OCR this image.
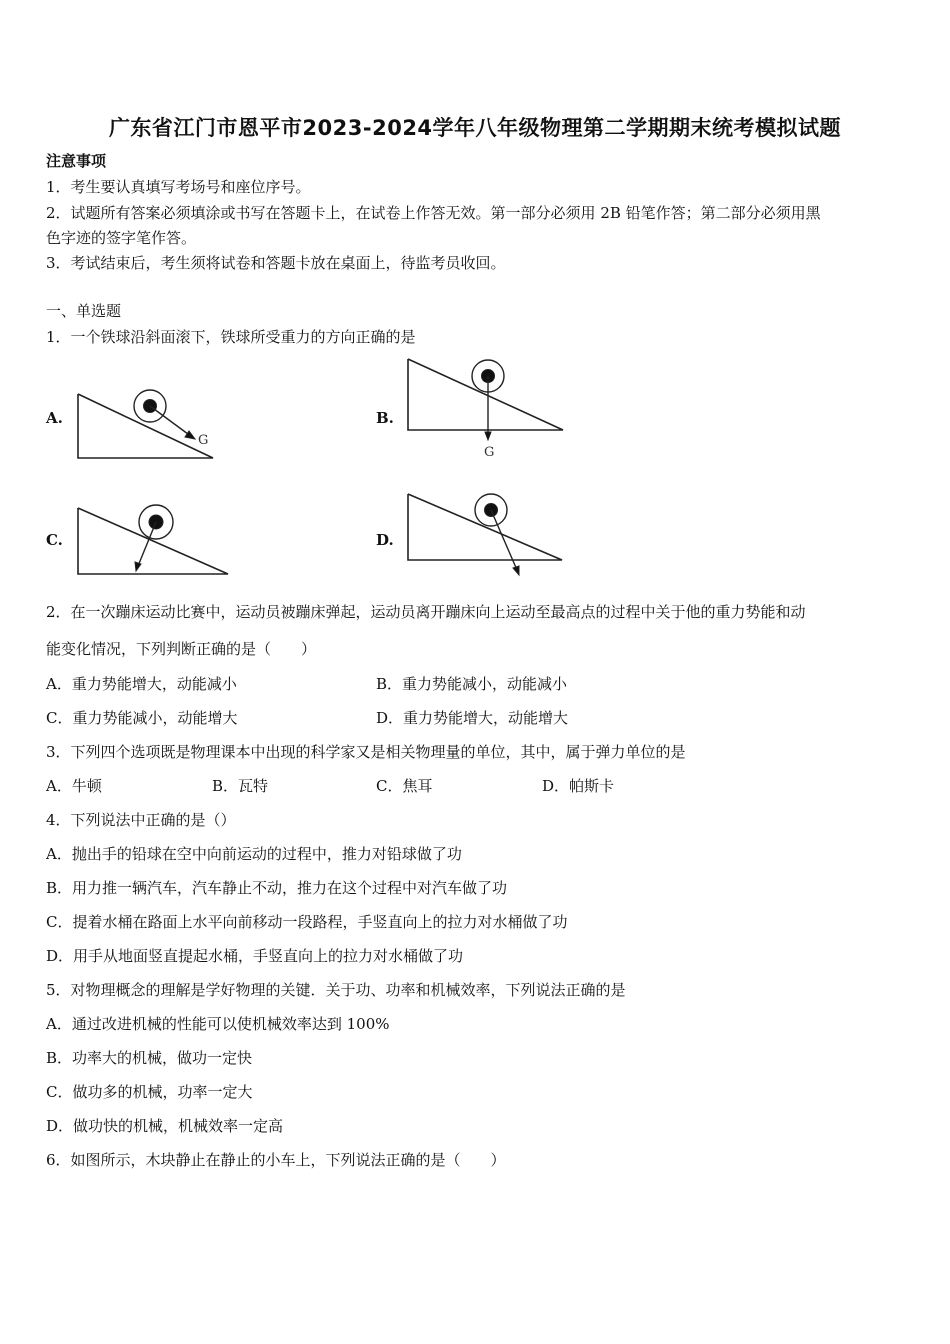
广东省江门市恩平市2023-2024学年八年级物理第二学期期末统考模拟试题
注意事项
1．考生要认真填写考场号和座位序号。
2．试题所有答案必须填涂或书写在答题卡上，在试卷上作答无效。第一部分必须用 2B 铅笔作答；第二部分必须用黑
色字迹的签字笔作答。
3．考试结束后，考生须将试卷和答题卡放在桌面上，待监考员收回。
一、单选题
1．一个铁球沿斜面滚下，铁球所受重力的方向正确的是
A.
G
B.
G
C.	D.
2．在一次蹦床运动比赛中，运动员被蹦床弹起，运动员离开蹦床向上运动至最高点的过程中关于他的重力势能和动
能变化情况，下列判断正确的是（　　）
A．重力势能增大，动能减小	B．重力势能减小，动能减小
C．重力势能减小，动能增大	D．重力势能增大，动能增大
3．下列四个选项既是物理课本中出现的科学家又是相关物理量的单位，其中，属于弹力单位的是
A．牛顿	B．瓦特	C．焦耳	D．帕斯卡
4．下列说法中正确的是（）
A．抛出手的铅球在空中向前运动的过程中，推力对铅球做了功
B．用力推一辆汽车，汽车静止不动，推力在这个过程中对汽车做了功
C．提着水桶在路面上水平向前移动一段路程，手竖直向上的拉力对水桶做了功
D．用手从地面竖直提起水桶，手竖直向上的拉力对水桶做了功
5．对物理概念的理解是学好物理的关键．关于功、功率和机械效率，下列说法正确的是
A．通过改进机械的性能可以使机械效率达到 100%
B．功率大的机械，做功一定快
C．做功多的机械，功率一定大
D．做功快的机械，机械效率一定高
6．如图所示，木块静止在静止的小车上，下列说法正确的是（　　）
